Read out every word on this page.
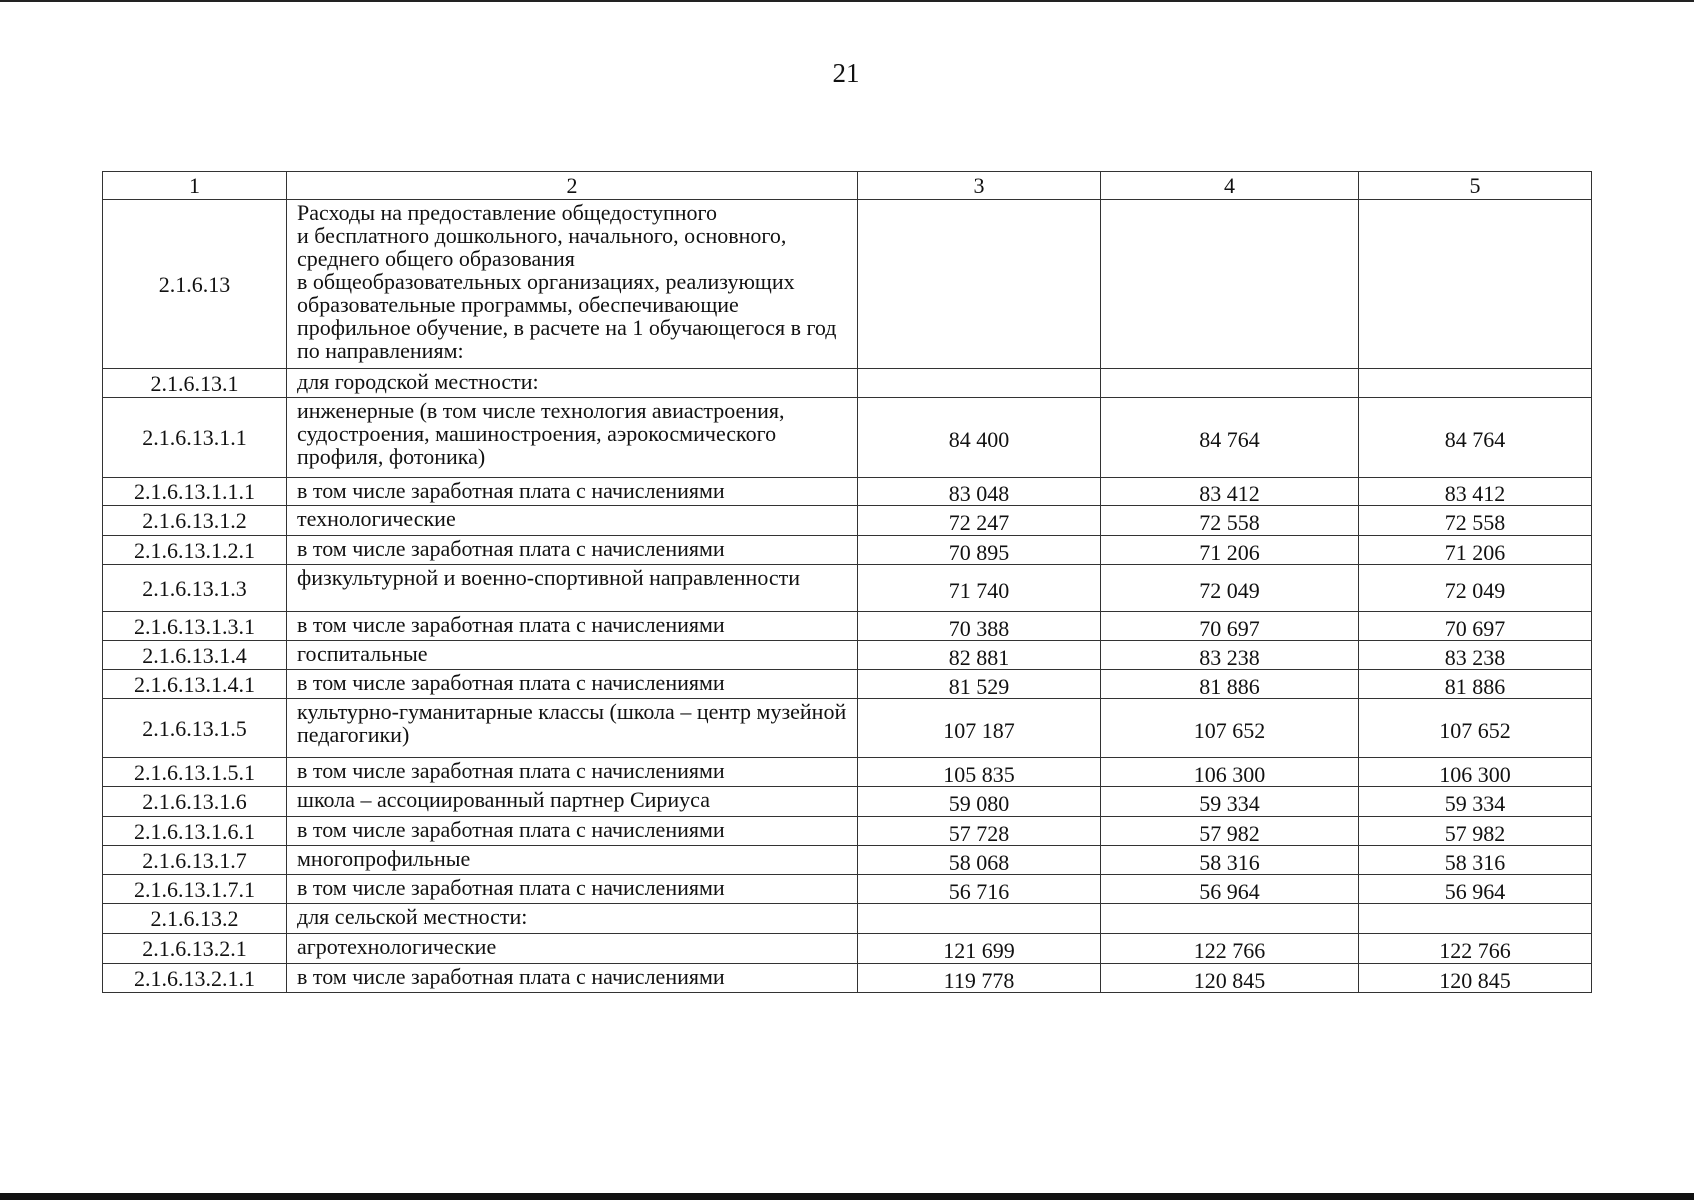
21
1	2	3	4	5
2.1.6.13	Расходы на предоставление общедоступного
и бесплатного дошкольного, начального, основного, среднего общего образования
в общеобразовательных организациях, реализующих образовательные программы, обеспечивающие профильное обучение, в расчете на 1 обучающегося в год по направлениям:			
2.1.6.13.1	для городской местности:			
2.1.6.13.1.1	инженерные (в том числе технология авиастроения, судостроения, машиностроения, аэрокосмического профиля, фотоника)	84 400	84 764	84 764
2.1.6.13.1.1.1	в том числе заработная плата с начислениями	83 048	83 412	83 412
2.1.6.13.1.2	технологические	72 247	72 558	72 558
2.1.6.13.1.2.1	в том числе заработная плата с начислениями	70 895	71 206	71 206
2.1.6.13.1.3	физкультурной и военно-спортивной направленности	71 740	72 049	72 049
2.1.6.13.1.3.1	в том числе заработная плата с начислениями	70 388	70 697	70 697
2.1.6.13.1.4	госпитальные	82 881	83 238	83 238
2.1.6.13.1.4.1	в том числе заработная плата с начислениями	81 529	81 886	81 886
2.1.6.13.1.5	культурно-гуманитарные классы (школа – центр музейной педагогики)	107 187	107 652	107 652
2.1.6.13.1.5.1	в том числе заработная плата с начислениями	105 835	106 300	106 300
2.1.6.13.1.6	школа – ассоциированный партнер Сириуса	59 080	59 334	59 334
2.1.6.13.1.6.1	в том числе заработная плата с начислениями	57 728	57 982	57 982
2.1.6.13.1.7	многопрофильные	58 068	58 316	58 316
2.1.6.13.1.7.1	в том числе заработная плата с начислениями	56 716	56 964	56 964
2.1.6.13.2	для сельской местности:			
2.1.6.13.2.1	агротехнологические	121 699	122 766	122 766
2.1.6.13.2.1.1	в том числе заработная плата с начислениями	119 778	120 845	120 845
